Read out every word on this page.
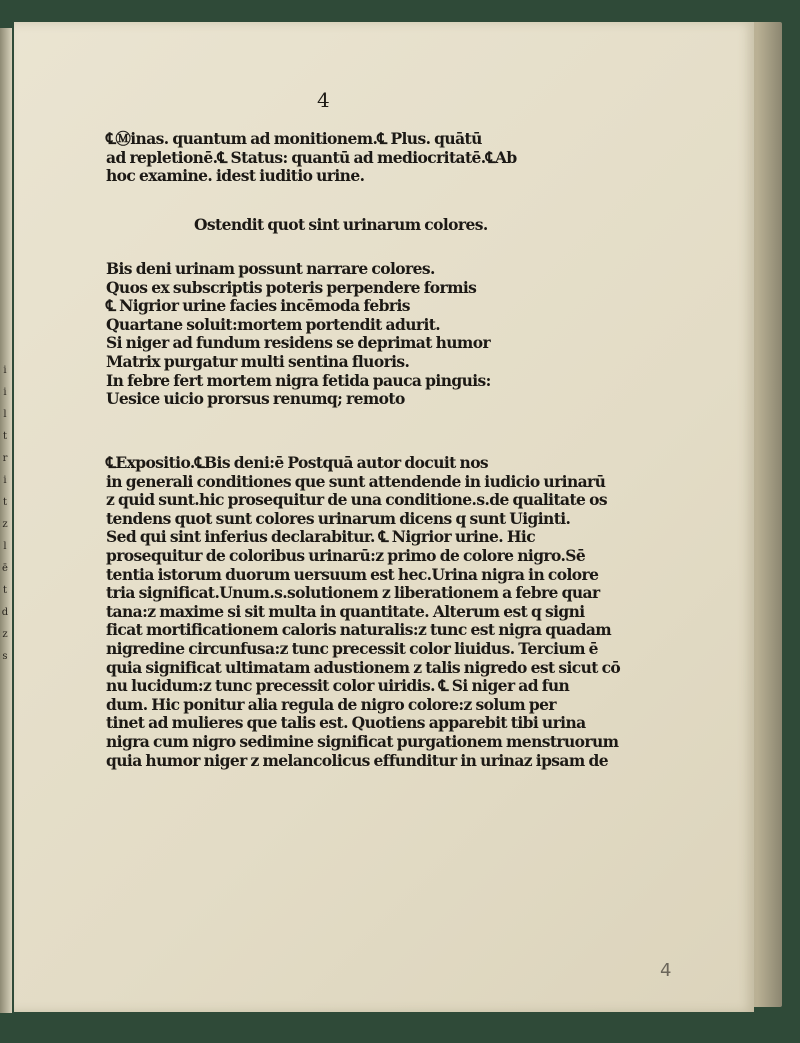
i
i
l
t
r
i
t
z
l
ē
t
d
z
s
4
℄Ⓜinas. quantum ad monitionem.℄ Plus. quātū
ad repletionē.℄ Status: quantū ad mediocritatē.℄Ab
hoc examine. idest iuditio urine.
Ostendit quot sint urinarum colores.
Bis deni urinam possunt narrare colores.
Quos ex subscriptis poteris perpendere formis
℄ Nigrior urine facies incēmoda febris
Quartane soluit:mortem portendit adurit.
Si niger ad fundum residens se deprimat humor
Matrix purgatur multi sentina fluoris.
In febre fert mortem nigra fetida pauca pinguis:
Uesice uicio prorsus renumq; remoto
℄Expositio.℄Bis deni:ē Postquā autor docuit nos
in generali conditiones que sunt attendende in iudicio urinarū
z quid sunt.hic prosequitur de una conditione.s.de qualitate os
tendens quot sunt colores urinarum dicens q sunt Uiginti.
Sed qui sint inferius declarabitur. ℄ Nigrior urine. Hic
prosequitur de coloribus urinarū:z primo de colore nigro.Sē
tentia istorum duorum uersuum est hec.Urina nigra in colore
tria significat.Unum.s.solutionem z liberationem a febre quar
tana:z maxime si sit multa in quantitate. Alterum est q signi
ficat mortificationem caloris naturalis:z tunc est nigra quadam
nigredine circunfusa:z tunc precessit color liuidus. Tercium ē
quia significat ultimatam adustionem z talis nigredo est sicut cō
nu lucidum:z tunc precessit color uiridis. ℄ Si niger ad fun
dum. Hic ponitur alia regula de nigro colore:z solum per
tinet ad mulieres que talis est. Quotiens apparebit tibi urina
nigra cum nigro sedimine significat purgationem menstruorum
quia humor niger z melancolicus effunditur in urinaz ipsam de
4
